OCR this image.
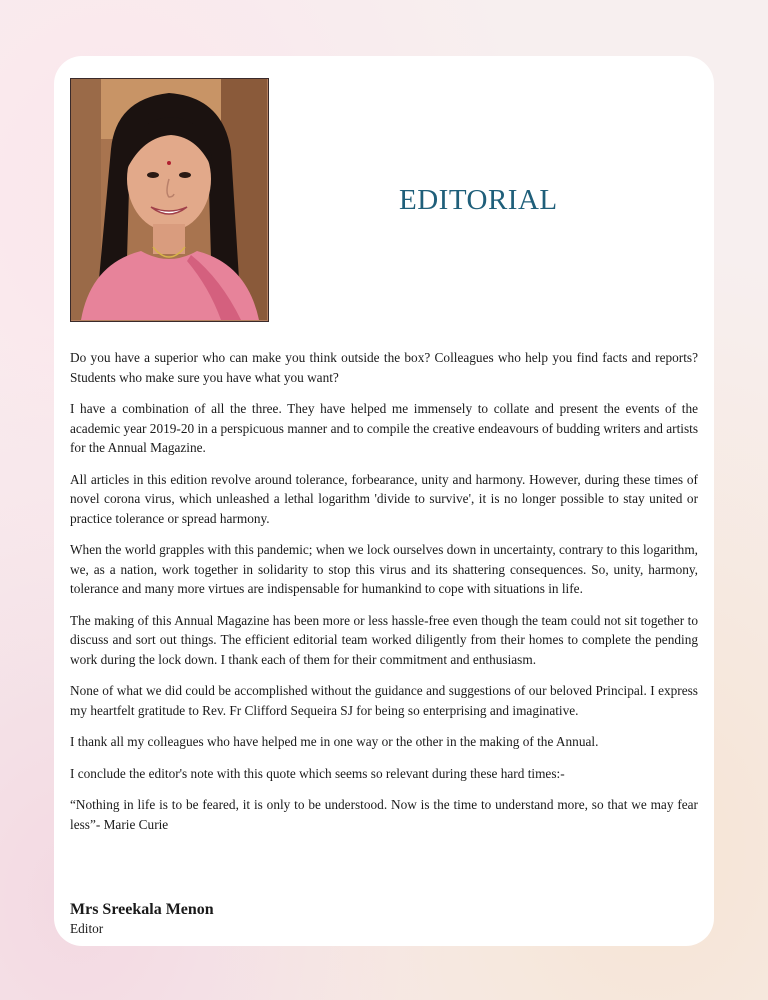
EDITORIAL

Do you have a superior who can make you think outside the box? Colleagues who help you find facts and reports? Students who make sure you have what you want?

I have a combination of all the three. They have helped me immensely to collate and present the events of the academic year 2019-20 in a perspicuous manner and to compile the creative endeavours of budding writers and artists for the Annual Magazine.

All articles in this edition revolve around tolerance, forbearance, unity and harmony. However, during these times of novel corona virus, which unleashed a lethal logarithm 'divide to survive', it is no longer possible to stay united or practice tolerance or spread harmony.

When the world grapples with this pandemic; when we lock ourselves down in uncertainty, contrary to this logarithm, we, as a nation, work together in solidarity to stop this virus and its shattering consequences. So, unity, harmony, tolerance and many more virtues are indispensable for humankind to cope with situations in life.

The making of this Annual Magazine has been more or less hassle-free even though the team could not sit together to discuss and sort out things. The efficient editorial team worked diligently from their homes to complete the pending work during the lock down. I thank each of them for their commitment and enthusiasm.

None of what we did could be accomplished without the guidance and suggestions of our beloved Principal. I express my heartfelt gratitude to Rev. Fr Clifford Sequeira SJ for being so enterprising and imaginative.

I thank all my colleagues who have helped me in one way or the other in the making of the Annual.

I conclude the editor's note with this quote which seems so relevant during these hard times:-

“Nothing in life is to be feared, it is only to be understood. Now is the time to understand more, so that we may fear less”- Marie Curie

Mrs Sreekala Menon
Editor
